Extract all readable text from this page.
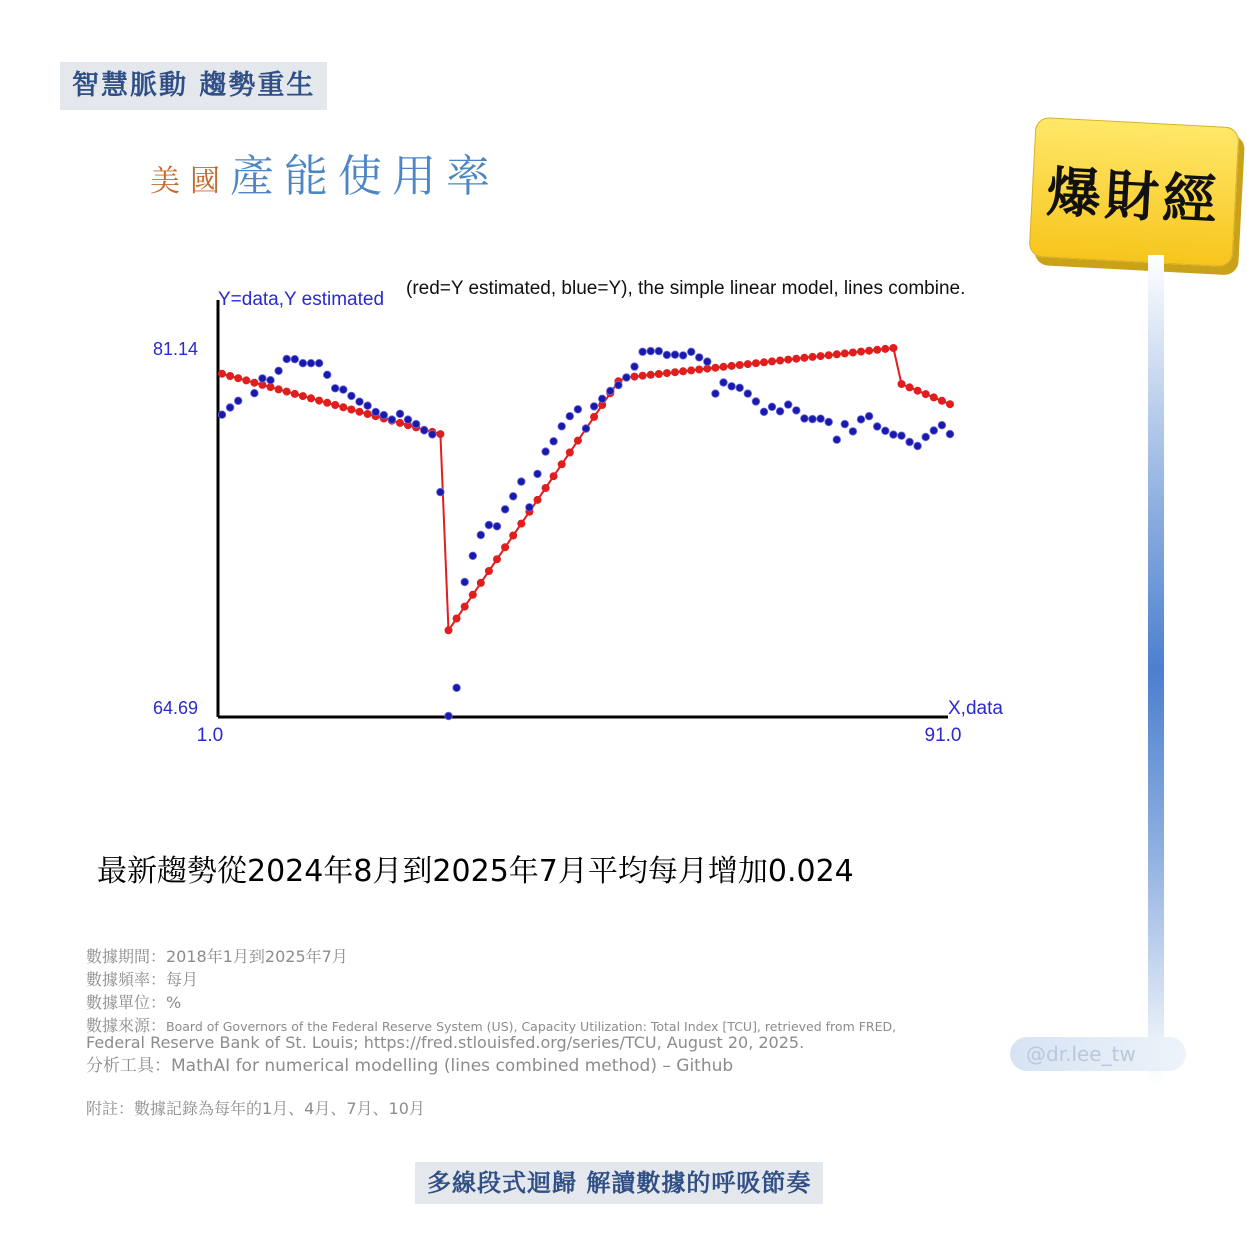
智慧脈動 趨勢重生
美國產能使用率	爆財經
Y=data,Y estimated
(red=Y estimated, blue=Y), the simple linear model, lines combine.
81.14
64.69
1.0	91.0
X,data
最新趨勢從2024年8月到2025年7月平均每月增加0.024
數據期間：2018年1月到2025年7月
數據頻率：每月
數據單位：%
數據來源：Board of Governors of the Federal Reserve System (US), Capacity Utilization: Total Index [TCU], retrieved from FRED,
Federal Reserve Bank of St. Louis; https://fred.stlouisfed.org/series/TCU, August 20, 2025.
分析工具：MathAI for numerical modelling (lines combined method) – Github
附註：數據記錄為每年的1月、4月、7月、10月
@dr.lee_tw
多線段式迴歸 解讀數據的呼吸節奏
